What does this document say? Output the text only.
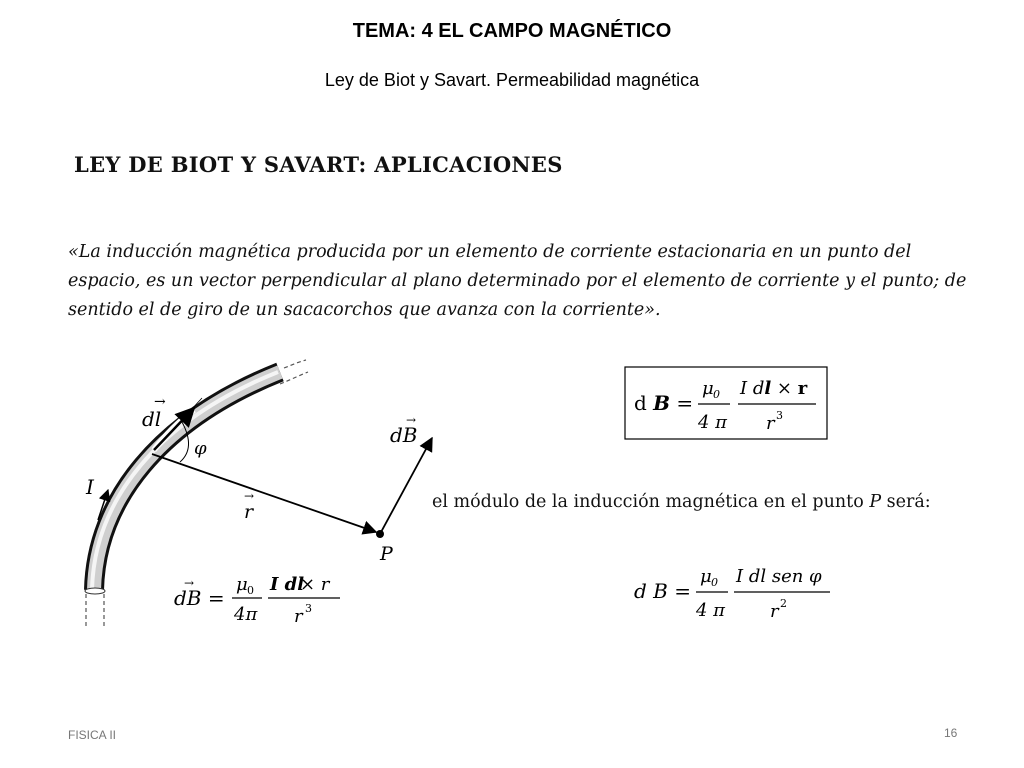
TEMA: 4 EL CAMPO MAGNÉTICO
Ley de Biot y Savart. Permeabilidad magnética
LEY DE BIOT Y SAVART: APLICACIONES
«La inducción magnética producida por un elemento de corriente estacionaria en un punto del espacio, es un vector perpendicular al plano determinado por el elemento de corriente y el punto; de sentido el de giro de un sacacorchos que avanza con la corriente».
dl
→
φ
I
r
→
dB
→
P
dB =
→ μ 0
4π
I dl
× r
r 3
d B =
μ 0
4 π
I dl × r
r 3
el módulo de la inducción magnética en el punto P será:
d B =
μ 0
4 π
I dl sen φ
r 2
FISICA II	16
